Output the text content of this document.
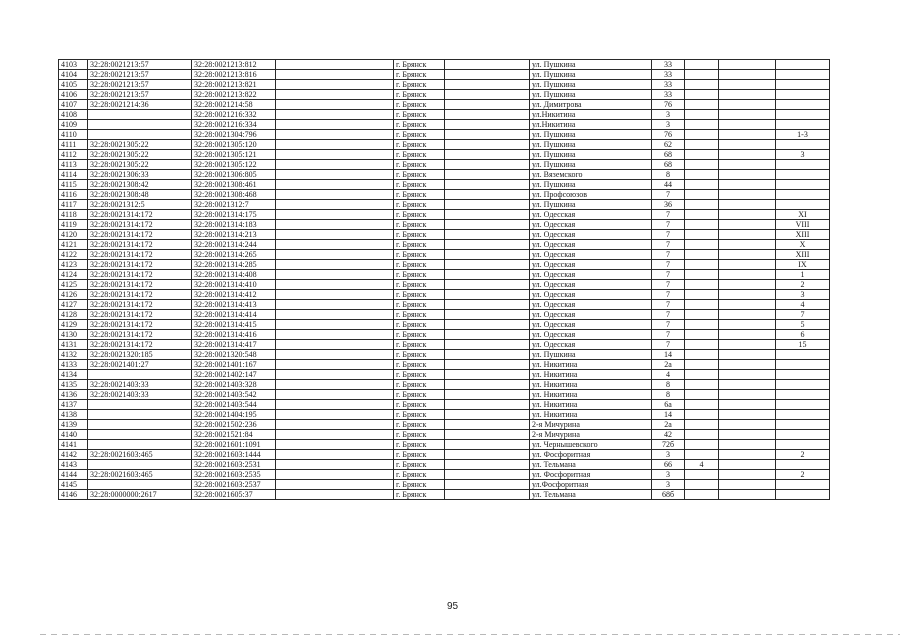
4103	32:28:0021213:57	32:28:0021213:812		г. Брянск		ул. Пушкина	33			
4104	32:28:0021213:57	32:28:0021213:816		г. Брянск		ул. Пушкина	33			
4105	32:28:0021213:57	32:28:0021213:821		г. Брянск		ул. Пушкина	33			
4106	32:28:0021213:57	32:28:0021213:822		г. Брянск		ул. Пушкина	33			
4107	32:28:0021214:36	32:28:0021214:58		г. Брянск		ул. Димитрова	76			
4108		32:28:0021216:332		г. Брянск		ул.Никитина	3			
4109		32:28:0021216:334		г. Брянск		ул.Никитина	3			
4110		32:28:0021304:796		г. Брянск		ул. Пушкина	76			1-3
4111	32:28:0021305:22	32:28:0021305:120		г. Брянск		ул. Пушкина	62			
4112	32:28:0021305:22	32:28:0021305:121		г. Брянск		ул. Пушкина	68			3
4113	32:28:0021305:22	32:28:0021305:122		г. Брянск		ул. Пушкина	68			
4114	32:28:0021306:33	32:28:0021306:805		г. Брянск		ул. Вяземского	8			
4115	32:28:0021308:42	32:28:0021308:461		г. Брянск		ул. Пушкина	44			
4116	32:28:0021308:48	32:28:0021308:468		г. Брянск		ул. Профсоюзов	7			
4117	32:28:0021312:5	32:28:0021312:7		г. Брянск		ул. Пушкина	36			
4118	32:28:0021314:172	32:28:0021314:175		г. Брянск		ул. Одесская	7			XI
4119	32:28:0021314:172	32:28:0021314:183		г. Брянск		ул. Одесская	7			VIII
4120	32:28:0021314:172	32:28:0021314:213		г. Брянск		ул. Одесская	7			XIII
4121	32:28:0021314:172	32:28:0021314:244		г. Брянск		ул. Одесская	7			X
4122	32:28:0021314:172	32:28:0021314:265		г. Брянск		ул. Одесская	7			XIII
4123	32:28:0021314:172	32:28:0021314:285		г. Брянск		ул. Одесская	7			IX
4124	32:28:0021314:172	32:28:0021314:408		г. Брянск		ул. Одесская	7			1
4125	32:28:0021314:172	32:28:0021314:410		г. Брянск		ул. Одесская	7			2
4126	32:28:0021314:172	32:28:0021314:412		г. Брянск		ул. Одесская	7			3
4127	32:28:0021314:172	32:28:0021314:413		г. Брянск		ул. Одесская	7			4
4128	32:28:0021314:172	32:28:0021314:414		г. Брянск		ул. Одесская	7			7
4129	32:28:0021314:172	32:28:0021314:415		г. Брянск		ул. Одесская	7			5
4130	32:28:0021314:172	32:28:0021314:416		г. Брянск		ул. Одесская	7			6
4131	32:28:0021314:172	32:28:0021314:417		г. Брянск		ул. Одесская	7			15
4132	32:28:0021320:185	32:28:0021320:548		г. Брянск		ул. Пушкина	14			
4133	32:28:0021401:27	32:28:0021401:167		г. Брянск		ул. Никитина	2а			
4134		32:28:0021402:147		г. Брянск		ул. Никитина	4			
4135	32:28:0021403:33	32:28:0021403:328		г. Брянск		ул. Никитина	8			
4136	32:28:0021403:33	32:28:0021403:542		г. Брянск		ул. Никитина	8			
4137		32:28:0021403:544		г. Брянск		ул. Никитина	6а			
4138		32:28:0021404:195		г. Брянск		ул. Никитина	14			
4139		32:28:0021502:236		г. Брянск		2-я Мичурина	2а			
4140		32:28:0021521:84		г. Брянск		2-я Мичурина	42			
4141		32:28:0021601:1091		г. Брянск		ул. Чернышевского	72б			
4142	32:28:0021603:465	32:28:0021603:1444		г. Брянск		ул. Фосфоритная	3			2
4143		32:28:0021603:2531		г. Брянск		ул. Тельмана	66	4		
4144	32:28:0021603:465	32:28:0021603:2535		г. Брянск		ул. Фосфоритная	3			2
4145		32:28:0021603:2537		г. Брянск		ул.Фосфоритная	3			
4146	32:28:0000000:2617	32:28:0021605:37		г. Брянск		ул. Тельмана	68б			
95
